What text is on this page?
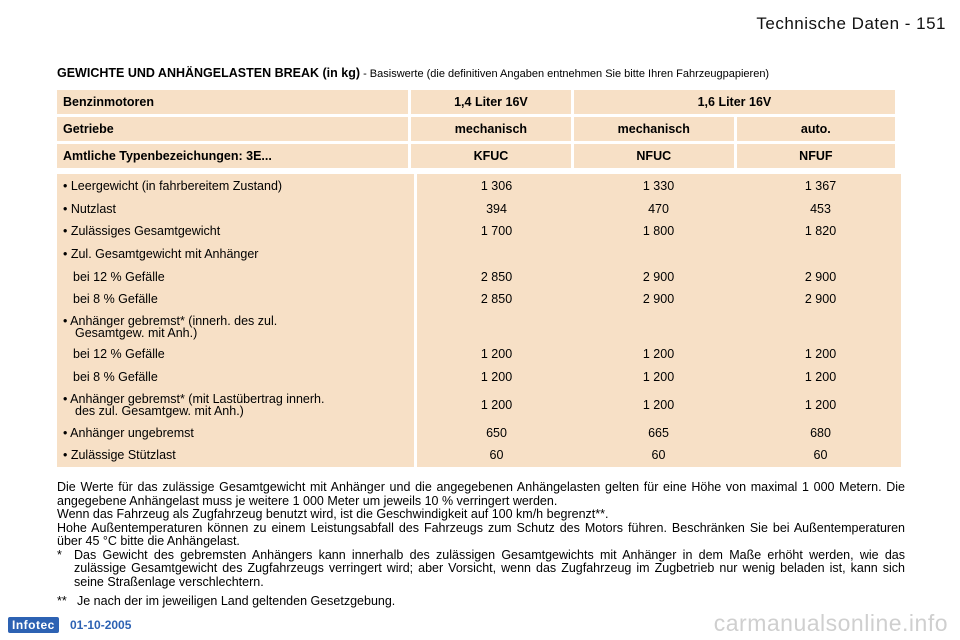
Technische Daten - 151
GEWICHTE UND ANHÄNGELASTEN BREAK (in kg) - Basiswerte (die definitiven Angaben entnehmen Sie bitte Ihren Fahrzeugpapieren)
Benzinmotoren	1,4 Liter 16V	1,6 Liter 16V	
Getriebe	mechanisch	mechanisch	auto.
Amtliche Typenbezeichungen: 3E...	KFUC	NFUC	NFUF
• Leergewicht (in fahrbereitem Zustand)	1 306	1 330	1 367
• Nutzlast	394	470	453
• Zulässiges Gesamtgewicht	1 700	1 800	1 820
• Zul. Gesamtgewicht mit Anhänger
bei 12 % Gefälle	2 850	2 900	2 900
bei 8 % Gefälle	2 850	2 900	2 900
• Anhänger gebremst* (innerh. des zul.
Gesamtgew. mit Anh.)
bei 12 % Gefälle	1 200	1 200	1 200
bei 8 % Gefälle	1 200	1 200	1 200
• Anhänger gebremst* (mit Lastübertrag innerh.
des zul. Gesamtgew. mit Anh.)	1 200	1 200	1 200
• Anhänger ungebremst	650	665	680
• Zulässige Stützlast	60	60	60

Die Werte für das zulässige Gesamtgewicht mit Anhänger und die angegebenen Anhängelasten gelten für eine Höhe von maximal 1 000 Metern. Die angegebene Anhängelast muss je weitere 1 000 Meter um jeweils 10 % verringert werden.

Wenn das Fahrzeug als Zugfahrzeug benutzt wird, ist die Geschwindigkeit auf 100 km/h begrenzt**.

Hohe Außentemperaturen können zu einem Leistungsabfall des Fahrzeugs zum Schutz des Motors führen. Beschränken Sie bei Außentemperaturen über 45 °C bitte die Anhängelast.

* Das Gewicht des gebremsten Anhängers kann innerhalb des zulässigen Gesamtgewichts mit Anhänger in dem Maße erhöht werden, wie das zulässige Gesamtgewicht des Zugfahrzeugs verringert wird; aber Vorsicht, wenn das Zugfahrzeug im Zugbetrieb nur wenig beladen ist, kann sich seine Straßenlage verschlechtern.
** Je nach der im jeweiligen Land geltenden Gesetzgebung.
Infotec	01-10-2005	carmanualsonline.info
